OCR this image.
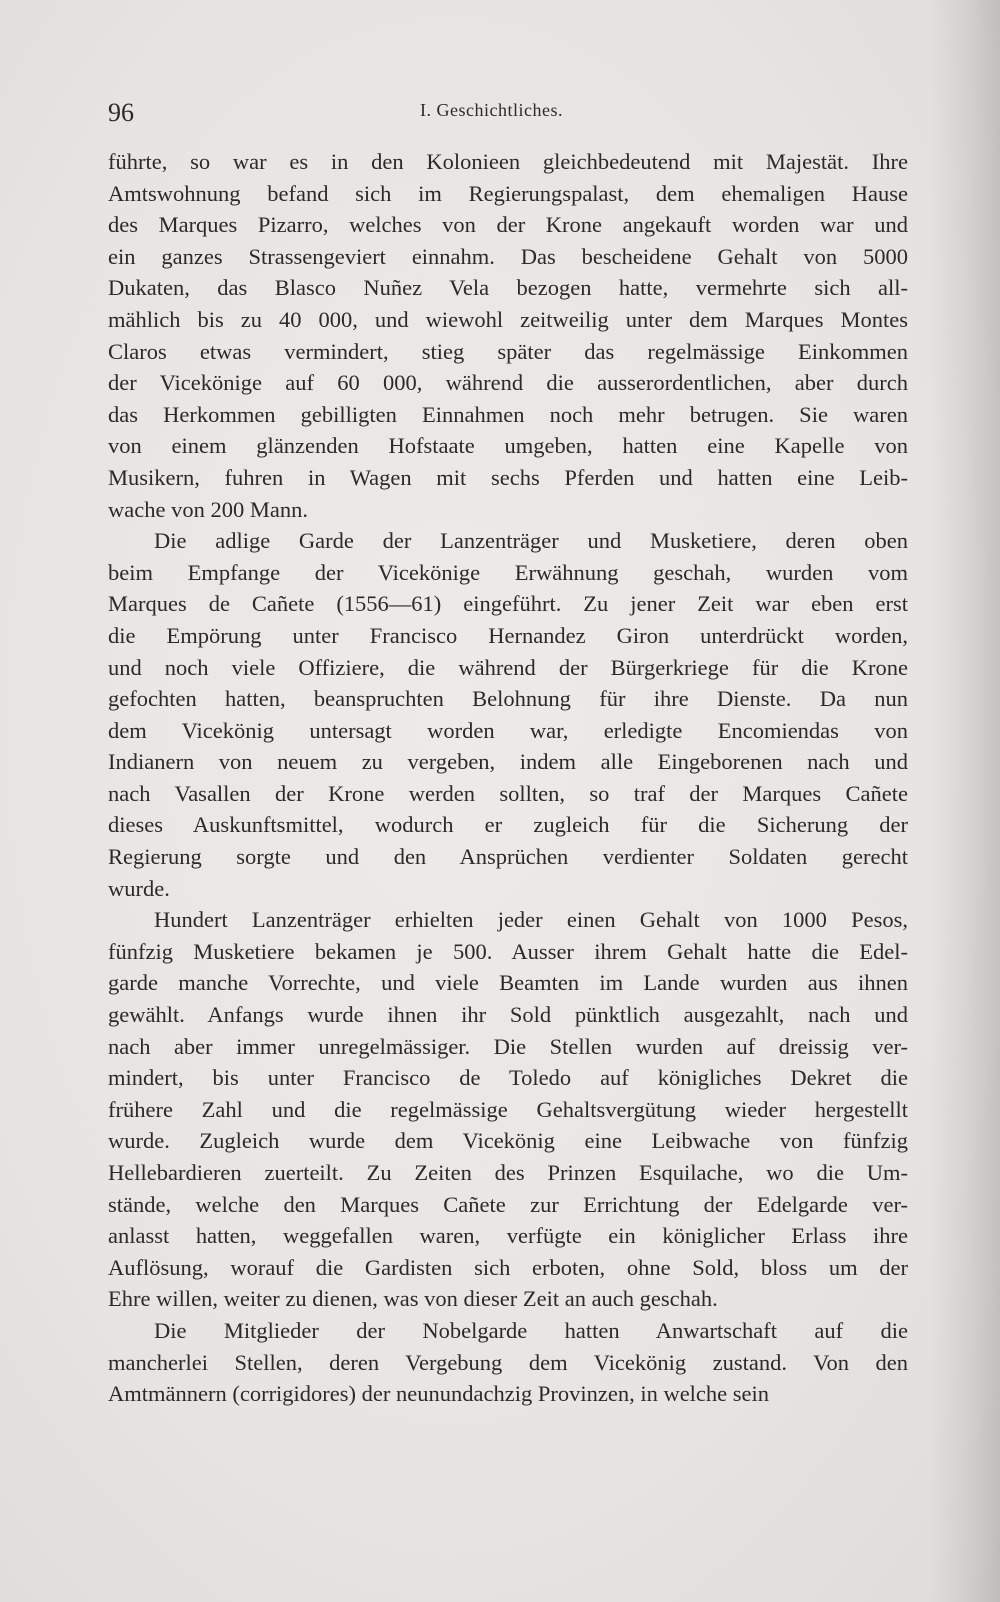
96	I. Geschichtliches.
führte, so war es in den Kolonieen gleichbedeutend mit Majestät. Ihre
Amtswohnung befand sich im Regierungspalast, dem ehemaligen Hause
des Marques Pizarro, welches von der Krone angekauft worden war und
ein ganzes Strassengeviert einnahm. Das bescheidene Gehalt von 5000
Dukaten, das Blasco Nuñez Vela bezogen hatte, vermehrte sich all-
mählich bis zu 40 000, und wiewohl zeitweilig unter dem Marques Montes
Claros etwas vermindert, stieg später das regelmässige Einkommen
der Vicekönige auf 60 000, während die ausserordentlichen, aber durch
das Herkommen gebilligten Einnahmen noch mehr betrugen. Sie waren
von einem glänzenden Hofstaate umgeben, hatten eine Kapelle von
Musikern, fuhren in Wagen mit sechs Pferden und hatten eine Leib-
wache von 200 Mann.
Die adlige Garde der Lanzenträger und Musketiere, deren oben
beim Empfange der Vicekönige Erwähnung geschah, wurden vom
Marques de Cañete (1556—61) eingeführt. Zu jener Zeit war eben erst
die Empörung unter Francisco Hernandez Giron unterdrückt worden,
und noch viele Offiziere, die während der Bürgerkriege für die Krone
gefochten hatten, beanspruchten Belohnung für ihre Dienste. Da nun
dem Vicekönig untersagt worden war, erledigte Encomiendas von
Indianern von neuem zu vergeben, indem alle Eingeborenen nach und
nach Vasallen der Krone werden sollten, so traf der Marques Cañete
dieses Auskunftsmittel, wodurch er zugleich für die Sicherung der
Regierung sorgte und den Ansprüchen verdienter Soldaten gerecht
wurde.
Hundert Lanzenträger erhielten jeder einen Gehalt von 1000 Pesos,
fünfzig Musketiere bekamen je 500. Ausser ihrem Gehalt hatte die Edel-
garde manche Vorrechte, und viele Beamten im Lande wurden aus ihnen
gewählt. Anfangs wurde ihnen ihr Sold pünktlich ausgezahlt, nach und
nach aber immer unregelmässiger. Die Stellen wurden auf dreissig ver-
mindert, bis unter Francisco de Toledo auf königliches Dekret die
frühere Zahl und die regelmässige Gehaltsvergütung wieder hergestellt
wurde. Zugleich wurde dem Vicekönig eine Leibwache von fünfzig
Hellebardieren zuerteilt. Zu Zeiten des Prinzen Esquilache, wo die Um-
stände, welche den Marques Cañete zur Errichtung der Edelgarde ver-
anlasst hatten, weggefallen waren, verfügte ein königlicher Erlass ihre
Auflösung, worauf die Gardisten sich erboten, ohne Sold, bloss um der
Ehre willen, weiter zu dienen, was von dieser Zeit an auch geschah.
Die Mitglieder der Nobelgarde hatten Anwartschaft auf die
mancherlei Stellen, deren Vergebung dem Vicekönig zustand. Von den
Amtmännern (corrigidores) der neunundachzig Provinzen, in welche sein
